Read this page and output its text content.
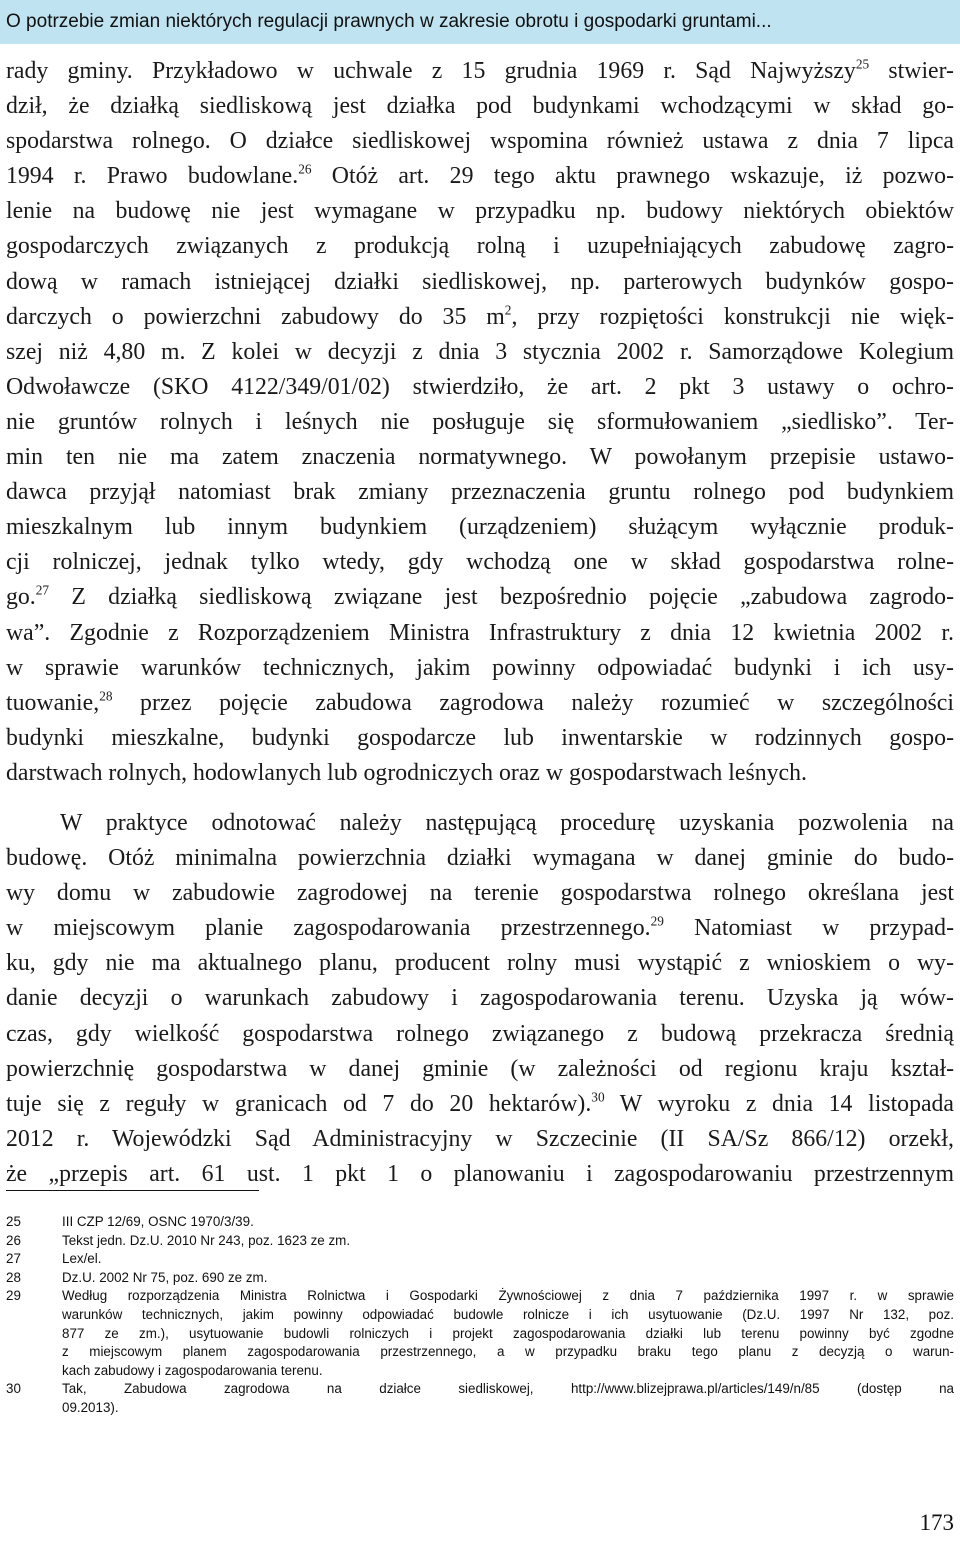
O potrzebie zmian niektórych regulacji prawnych w zakresie obrotu i gospodarki gruntami...
rady gminy. Przykładowo w uchwale z 15 grudnia 1969 r. Sąd Najwyższy$^{25}$ stwier-
dził, że działką siedliskową jest działka pod budynkami wchodzącymi w skład go-
spodarstwa rolnego. O działce siedliskowej wspomina również ustawa z dnia 7 lipca
1994 r. Prawo budowlane.$^{26}$ Otóż art. 29 tego aktu prawnego wskazuje, iż pozwo-
lenie na budowę nie jest wymagane w przypadku np. budowy niektórych obiektów
gospodarczych związanych z produkcją rolną i uzupełniających zabudowę zagro-
dową w ramach istniejącej działki siedliskowej, np. parterowych budynków gospo-
darczych o powierzchni zabudowy do 35 $m^2$, przy rozpiętości konstrukcji nie więk-
szej niż 4,80 m. Z kolei w decyzji z dnia 3 stycznia 2002 r. Samorządowe Kolegium
Odwoławcze (SKO 4122/349/01/02) stwierdziło, że art. 2 pkt 3 ustawy o ochro-
nie gruntów rolnych i leśnych nie posługuje się sformułowaniem „siedlisko”. Ter-
min ten nie ma zatem znaczenia normatywnego. W powołanym przepisie ustawo-
dawca przyjął natomiast brak zmiany przeznaczenia gruntu rolnego pod budynkiem
mieszkalnym lub innym budynkiem (urządzeniem) służącym wyłącznie produk-
cji rolniczej, jednak tylko wtedy, gdy wchodzą one w skład gospodarstwa rolne-
go.$^{27}$ Z działką siedliskową związane jest bezpośrednio pojęcie „zabudowa zagrodo-
wa”. Zgodnie z Rozporządzeniem Ministra Infrastruktury z dnia 12 kwietnia 2002 r.
w sprawie warunków technicznych, jakim powinny odpowiadać budynki i ich usy-
tuowanie,$^{28}$ przez pojęcie zabudowa zagrodowa należy rozumieć w szczególności
budynki mieszkalne, budynki gospodarcze lub inwentarskie w rodzinnych gospo-
darstwach rolnych, hodowlanych lub ogrodniczych oraz w gospodarstwach leśnych.
W praktyce odnotować należy następującą procedurę uzyskania pozwolenia na
budowę. Otóż minimalna powierzchnia działki wymagana w danej gminie do budo-
wy domu w zabudowie zagrodowej na terenie gospodarstwa rolnego określana jest
w miejscowym planie zagospodarowania przestrzennego.$^{29}$ Natomiast w przypad-
ku, gdy nie ma aktualnego planu, producent rolny musi wystąpić z wnioskiem o wy-
danie decyzji o warunkach zabudowy i zagospodarowania terenu. Uzyska ją wów-
czas, gdy wielkość gospodarstwa rolnego związanego z budową przekracza średnią
powierzchnię gospodarstwa w danej gminie (w zależności od regionu kraju kształ-
tuje się z reguły w granicach od 7 do 20 hektarów).$^{30}$ W wyroku z dnia 14 listopada
2012 r. Wojewódzki Sąd Administracyjny w Szczecinie (II SA/Sz 866/12) orzekł,
że „przepis art. 61 ust. 1 pkt 1 o planowaniu i zagospodarowaniu przestrzennym
25	III CZP 12/69, OSNC 1970/3/39.
26	Tekst jedn. Dz.U. 2010 Nr 243, poz. 1623 ze zm.
27	Lex/el.
28	Dz.U. 2002 Nr 75, poz. 690 ze zm.
29	Według rozporządzenia Ministra Rolnictwa i Gospodarki Żywnościowej z dnia 7 października 1997 r. w sprawie
warunków technicznych, jakim powinny odpowiadać budowle rolnicze i ich usytuowanie (Dz.U. 1997 Nr 132, poz.
877 ze zm.), usytuowanie budowli rolniczych i projekt zagospodarowania działki lub terenu powinny być zgodne
z miejscowym planem zagospodarowania przestrzennego, a w przypadku braku tego planu z decyzją o warun-
kach zabudowy i zagospodarowania terenu.
30	Tak, Zabudowa zagrodowa na działce siedliskowej, http://www.blizejprawa.pl/articles/149/n/85 (dostęp na
09.2013).
173
